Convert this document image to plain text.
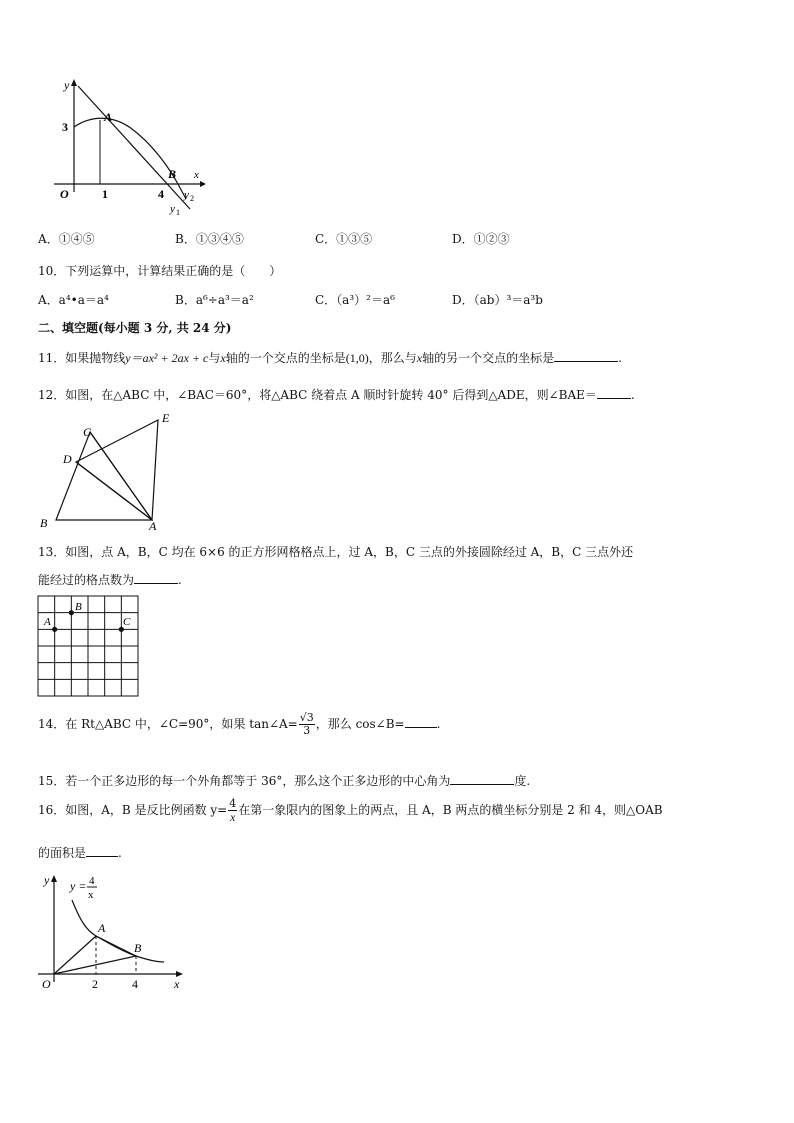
y
x
A
B
O
3
1	4
y 1
y 2
A．①④⑤	B．①③④⑤	C．①③⑤	D．①②③
10．下列运算中，计算结果正确的是（　　）
A．a⁴•a＝a⁴	B．a⁶÷a³＝a²	C．（a³）²＝a⁶	D．（ab）³＝a³b
二、填空题(每小题 3 分, 共 24 分)
11．如果抛物线y＝ax² + 2ax + c与x轴的一个交点的坐标是(1,0)，那么与x轴的另一个交点的坐标是	.
12．如图，在△ABC 中，∠BAC＝60°，将△ABC 绕着点 A 顺时针旋转 40° 后得到△ADE，则∠BAE＝	.
C
D
E
B	A
13．如图，点 A，B，C 均在 6×6 的正方形网格格点上，过 A，B，C 三点的外接圆除经过 A，B，C 三点外还
能经过的格点数为	.
A
B
C
14．在 Rt△ABC 中，∠C=90°，如果 tan∠A= $\frac{√3}{3}$ ，那么 cos∠B=	.
15．若一个正多边形的每一个外角都等于 36°，那么这个正多边形的中心角为	度.
16．如图，A，B 是反比例函数 $y= \frac{4}{x}$ 在第一象限内的图象上的两点，且 A，B 两点的横坐标分别是 2 和 4，则△OAB
的面积是	.
y
x
y = 4
x
A
B
O	2	4
